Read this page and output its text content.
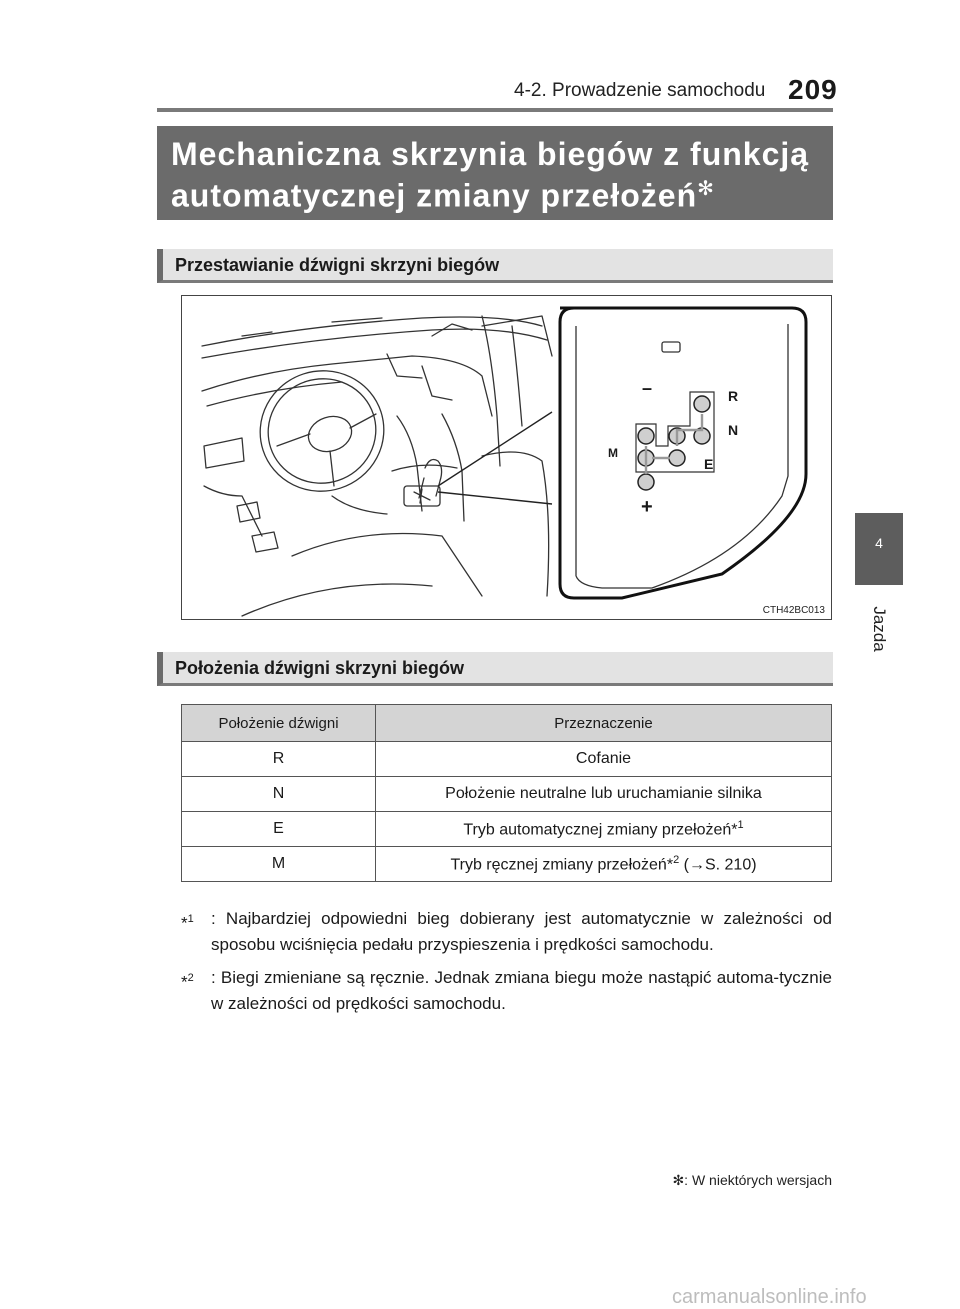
4-2. Prowadzenie samochodu 209
4
Jazda
Mechaniczna skrzynia biegów z funkcją
automatycznej zmiany przełożeń✻
Przestawianie dźwigni skrzyni biegów
–
+
R
N
E
M
CTH42BC013
Położenia dźwigni skrzyni biegów
Położenie dźwigni	Przeznaczenie
R	Cofanie
N	Położenie neutralne lub uruchamianie silnika
E	Tryb automatycznej zmiany przełożeń*$^1$
M	Tryb ręcznej zmiany przełożeń*$^2$ (→S. 210)
*$^1$	: Najbardziej odpowiedni bieg dobierany jest automatycznie w zależności od sposobu wciśnięcia pedału przyspieszenia i prędkości samochodu.
*$^2$	: Biegi zmieniane są ręcznie. Jednak zmiana biegu może nastąpić automa-tycznie w zależności od prędkości samochodu.
✻: W niektórych wersjach
carmanualsonline.info
